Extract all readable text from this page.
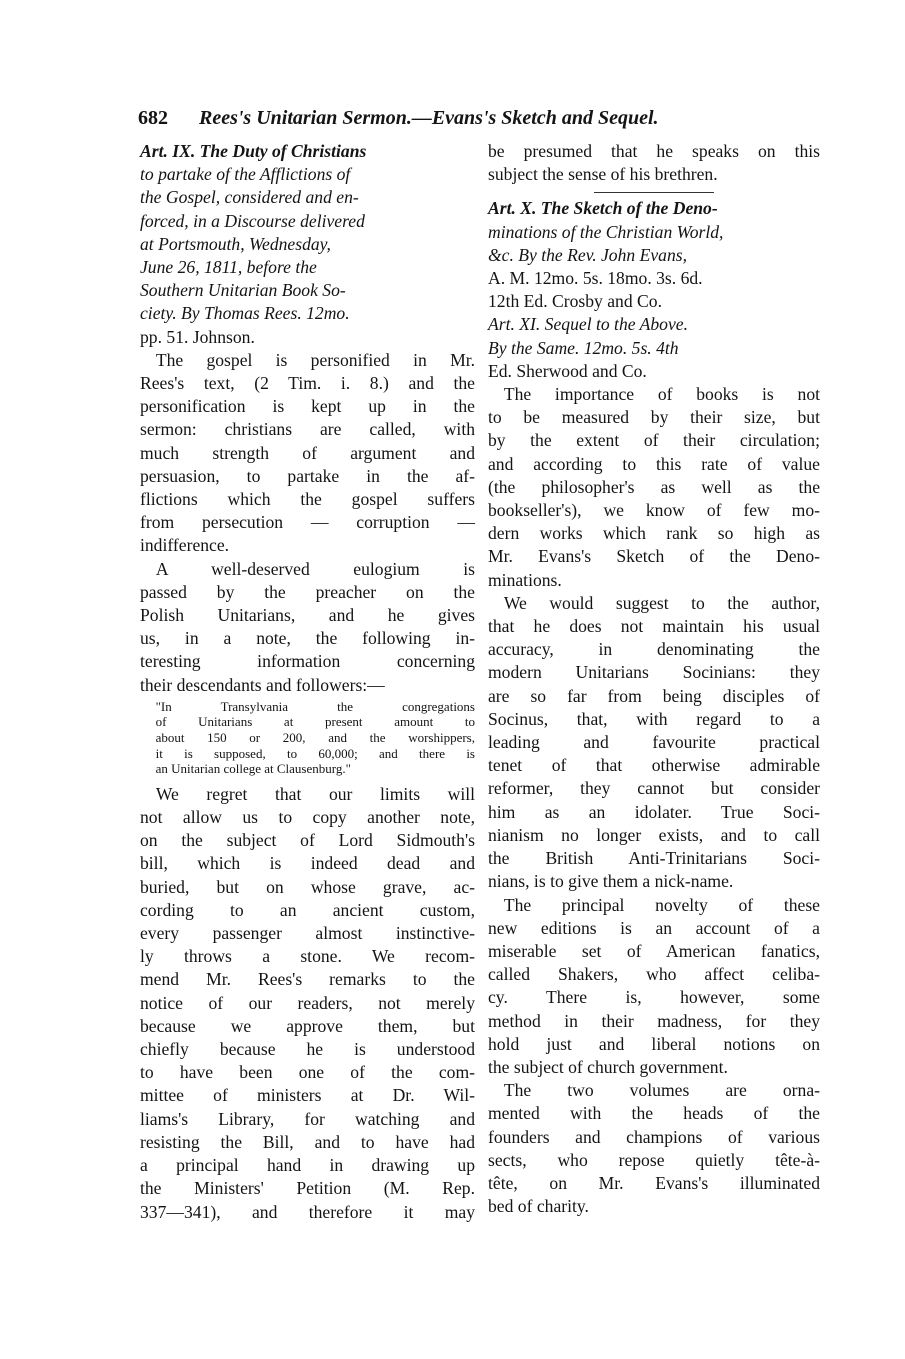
682 Rees's Unitarian Sermon.—Evans's Sketch and Sequel.
Art. IX. The Duty of Christians
to partake of the Afflictions of
the Gospel, considered and en-
forced, in a Discourse delivered
at Portsmouth, Wednesday,
June 26, 1811, before the
Southern Unitarian Book So-
ciety. By Thomas Rees. 12mo.
pp. 51. Johnson.

The gospel is personified in Mr.
Rees's text, (2 Tim. i. 8.) and the
personification is kept up in the
sermon: christians are called, with
much strength of argument and
persuasion, to partake in the af-
flictions which the gospel suffers
from persecution — corruption —
indifference.

A well-deserved eulogium is
passed by the preacher on the
Polish Unitarians, and he gives
us, in a note, the following in-
teresting information concerning
their descendants and followers:—

"In Transylvania the congregations
of Unitarians at present amount to
about 150 or 200, and the worshippers,
it is supposed, to 60,000; and there is
an Unitarian college at Clausenburg."

We regret that our limits will
not allow us to copy another note,
on the subject of Lord Sidmouth's
bill, which is indeed dead and
buried, but on whose grave, ac-
cording to an ancient custom,
every passenger almost instinctive-
ly throws a stone. We recom-
mend Mr. Rees's remarks to the
notice of our readers, not merely
because we approve them, but
chiefly because he is understood
to have been one of the com-
mittee of ministers at Dr. Wil-
liams's Library, for watching and
resisting the Bill, and to have had
a principal hand in drawing up
the Ministers' Petition (M. Rep.
337—341), and therefore it may

be presumed that he speaks on this
subject the sense of his brethren.

Art. X. The Sketch of the Deno-
minations of the Christian World,
&c. By the Rev. John Evans,
A. M. 12mo. 5s. 18mo. 3s. 6d.
12th Ed. Crosby and Co.
Art. XI. Sequel to the Above.
By the Same. 12mo. 5s. 4th
Ed. Sherwood and Co.

The importance of books is not
to be measured by their size, but
by the extent of their circulation;
and according to this rate of value
(the philosopher's as well as the
bookseller's), we know of few mo-
dern works which rank so high as
Mr. Evans's Sketch of the Deno-
minations.

We would suggest to the author,
that he does not maintain his usual
accuracy, in denominating the
modern Unitarians Socinians: they
are so far from being disciples of
Socinus, that, with regard to a
leading and favourite practical
tenet of that otherwise admirable
reformer, they cannot but consider
him as an idolater. True Soci-
nianism no longer exists, and to call
the British Anti-Trinitarians Soci-
nians, is to give them a nick-name.

The principal novelty of these
new editions is an account of a
miserable set of American fanatics,
called Shakers, who affect celiba-
cy. There is, however, some
method in their madness, for they
hold just and liberal notions on
the subject of church government.

The two volumes are orna-
mented with the heads of the
founders and champions of various
sects, who repose quietly tête-à-
tête, on Mr. Evans's illuminated
bed of charity.
